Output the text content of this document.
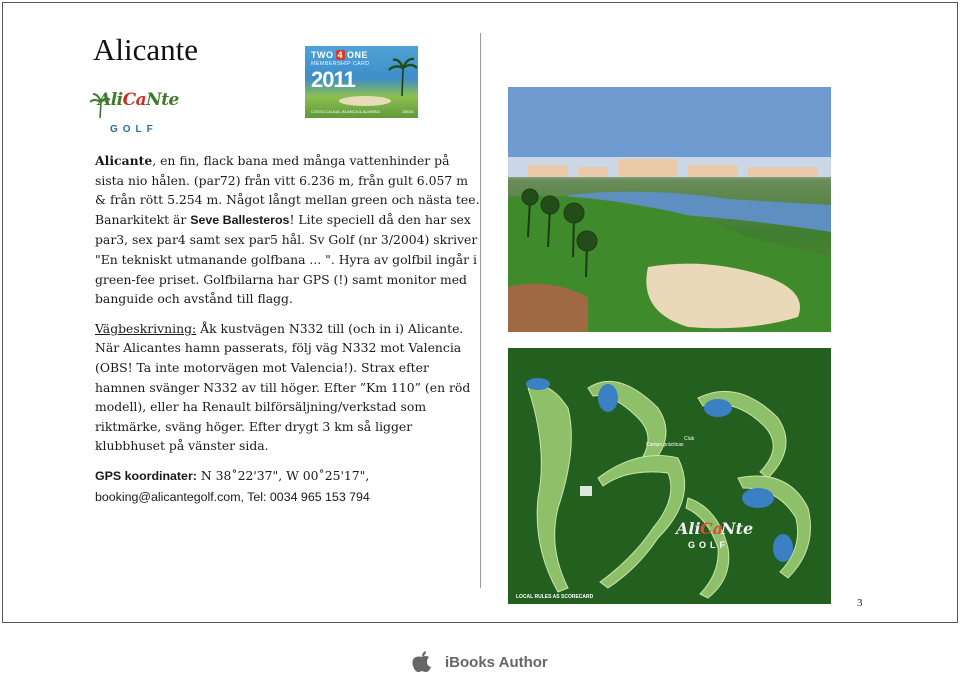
Alicante
AliCaNte
GOLF
TWO 4 ONE
MEMBERSHIP CARD
2011
COSTA CALIDA, BLANCA & ALMERIA	ZB001

Alicante, en fin, flack bana med många vattenhinder på sista nio hålen. (par72) från vitt 6.236 m, från gult 6.057 m & från rött 5.254 m. Något långt mellan green och nästa tee. Banarkitekt är Seve Ballesteros! Lite speciell då den har sex par3, sex par4 samt sex par5 hål. Sv Golf (nr 3/2004) skriver "En tekniskt utmanande golfbana ... ". Hyra av golfbil ingår i green-fee priset. Golfbilarna har GPS (!) samt monitor med banguide och avstånd till flagg.

Vägbeskrivning: Åk kustvägen N332 till (och in i) Alicante. När Alicantes hamn passerats, följ väg N332 mot Valencia (OBS! Ta inte motorvägen mot Valencia!). Strax efter hamnen svänger N332 av till höger. Efter ”Km 110” (en röd modell), eller ha Renault bilförsäljning/verkstad som riktmärke, sväng höger. Efter drygt 3 km så ligger klubbhuset på vänster sida.

GPS koordinater: N 38˚22'37", W 00˚25'17",
booking@alicantegolf.com, Tel: 0034 965 153 794

Club
Campo prácticas
Ali Ca
Nte
GOLF
LOCAL RULES AS SCORECARD	3
iBooks Author
